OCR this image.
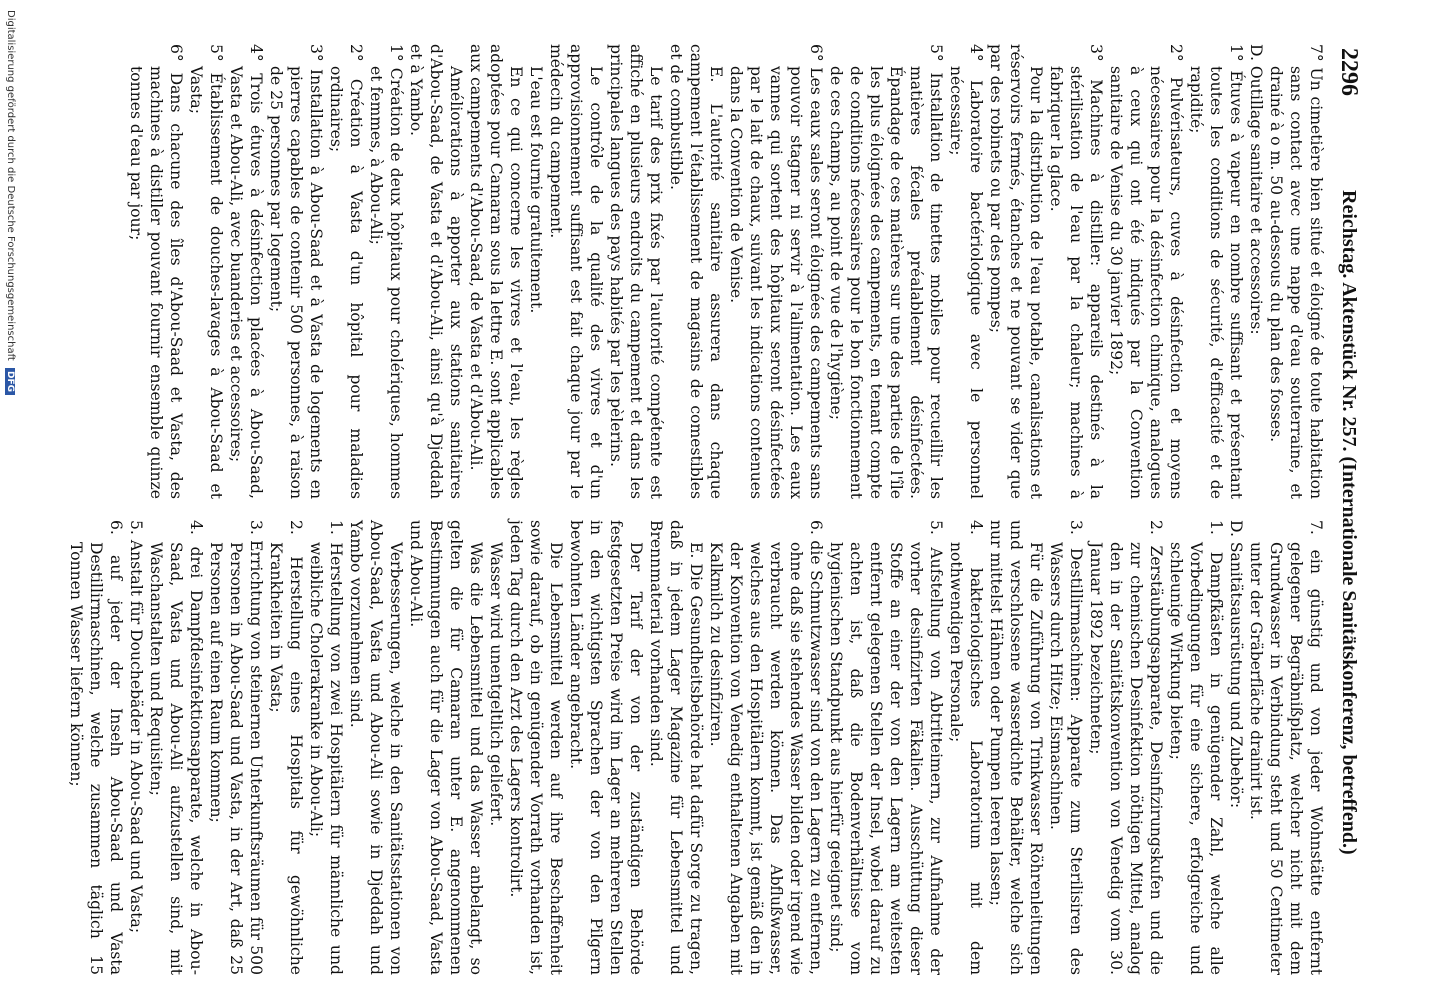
2296
Reichstag. Aktenstück Nr. 257. (Internationale Sanitätskonferenz, betreffend.)

7° Un cimetière bien situé et éloigné de toute habitation sans contact avec une nappe d'eau souterraine, et drainé à o m. 50 au-dessous du plan des fosses.

D. Outillage sanitaire et accessoires:

1° Étuves à vapeur en nombre suffisant et présentant toutes les conditions de sécurité, d'efficacité et de rapidité;

2° Pulvérisateurs, cuves à désinfection et moyens nécessaires pour la désinfection chimique, analogues à ceux qui ont été indiqués par la Convention sanitaire de Venise du 30 janvier 1892;

3° Machines à distiller: appareils destinés à la stérilisation de l'eau par la chaleur; machines à fabriquer la glace.

Pour la distribution de l'eau potable, canalisations et réservoirs fermés, étanches et ne pouvant se vider que par des robinets ou par des pompes;

4° Laboratoire bactériologique avec le personnel nécessaire;

5° Installation de tinettes mobiles pour recueillir les matières fécales préalablement désinfectées. Épandage de ces matières sur une des parties de l'île les plus éloignées des campements, en tenant compte de conditions nécessaires pour le bon fonctionnement de ces champs, au point de vue de l'hygiène;

6° Les eaux sales seront éloignées des campements sans pouvoir stagner ni servir à l'alimentation. Les eaux vannes qui sortent des hôpitaux seront désinfectées par le lait de chaux, suivant les indications contenues dans la Convention de Venise.

E. L'autorité sanitaire assurera dans chaque campement l'établissement de magasins de comestibles et de combustible.

Le tarif des prix fixés par l'autorité compétente est affiché en plusieurs endroits du campement et dans les principales langues des pays habités par les pèlerins.

Le contrôle de la qualité des vivres et d'un approvisionnement suffisant est fait chaque jour par le médecin du campement.

L'eau est fournie gratuitement.

En ce qui concerne les vivres et l'eau, les règles adoptées pour Camaran sous la lettre E. sont applicables aux campements d'Abou-Saad, de Vasta et d'Abou-Ali.

Améliorations à apporter aux stations sanitaires d'Abou-Saad, de Vasta et d'Abou-Ali, ainsi qu'à Djeddah et à Yambo.

1° Création de deux hôpitaux pour cholériques, hommes et femmes, à Abou-Ali;

2° Création à Vasta d'un hôpital pour maladies ordinaires;

3° Installation à Abou-Saad et à Vasta de logements en pierres capables de contenir 500 personnes, à raison de 25 personnes par logement;

4° Trois étuves à désinfection placées à Abou-Saad, Vasta et Abou-Ali, avec buanderies et accessoires;

5° Établissement de douches-lavages à Abou-Saad et Vasta;

6° Dans chacune des îles d'Abou-Saad et Vasta, des machines à distiller pouvant fournir ensemble quinze tonnes d'eau par jour;

7. ein günstig und von jeder Wohnstätte entfernt gelegener Begräbnißplatz, welcher nicht mit dem Grundwasser in Verbindung steht und 50 Centimeter unter der Gräberfläche drainirt ist.

D. Sanitätsausrüstung und Zubehör:

1. Dampfkästen in genügender Zahl, welche alle Vorbedingungen für eine sichere, erfolgreiche und schleunige Wirkung bieten;

2. Zerstäubungsapparate, Desinfizirungskufen und die zur chemischen Desinfektion nöthigen Mittel, analog den in der Sanitätskonvention von Venedig vom 30. Januar 1892 bezeichneten;

3. Destillirmaschinen: Apparate zum Sterilisiren des Wassers durch Hitze; Eismaschinen.

Für die Zuführung von Trinkwasser Röhrenleitungen und verschlossene wasserdichte Behälter, welche sich nur mittelst Hähnen oder Pumpen leeren lassen;

4. bakteriologisches Laboratorium mit dem nothwendigen Personale;

5. Aufstellung von Abtritteimern, zur Aufnahme der vorher desinfizirten Fäkalien. Ausschüttung dieser Stoffe an einer der von den Lagern am weitesten entfernt gelegenen Stellen der Insel, wobei darauf zu achten ist, daß die Bodenverhältnisse vom hygienischen Standpunkt aus hierfür geeignet sind;

6. die Schmutzwasser sind von den Lagern zu entfernen, ohne daß sie stehendes Wasser bilden oder irgend wie verbraucht werden können. Das Abflußwasser, welches aus den Hospitälern kommt, ist gemäß den in der Konvention von Venedig enthaltenen Angaben mit Kalkmilch zu desinfiziren.

E. Die Gesundheitsbehörde hat dafür Sorge zu tragen, daß in jedem Lager Magazine für Lebensmittel und Brennmaterial vorhanden sind.

Der Tarif der von der zuständigen Behörde festgesetzten Preise wird im Lager an mehreren Stellen in den wichtigsten Sprachen der von den Pilgern bewohnten Länder angebracht.

Die Lebensmittel werden auf ihre Beschaffenheit sowie darauf, ob ein genügender Vorrath vorhanden ist, jeden Tag durch den Arzt des Lagers kontrolirt.

Wasser wird unentgeltlich geliefert.

Was die Lebensmittel und das Wasser anbelangt, so gelten die für Camaran unter E. angenommenen Bestimmungen auch für die Lager von Abou-Saad, Vasta und Abou-Ali.

Verbesserungen, welche in den Sanitätsstationen von Abou-Saad, Vasta und Abou-Ali sowie in Djeddah und Yambo vorzunehmen sind.

1. Herstellung von zwei Hospitälern für männliche und weibliche Cholerakranke in Abou-Ali;

2. Herstellung eines Hospitals für gewöhnliche Krankheiten in Vasta;

3. Errichtung von steinernen Unterkunftsräumen für 500 Personen in Abou-Saad und Vasta, in der Art, daß 25 Personen auf einen Raum kommen;

4. drei Dampfdesinfektionsapparate, welche in Abou-Saad, Vasta und Abou-Ali aufzustellen sind, mit Waschanstalten und Requisiten;

5. Anstalt für Douchebäder in Abou-Saad und Vasta;

6. auf jeder der Inseln Abou-Saad und Vasta Destillirmaschinen, welche zusammen täglich 15 Tonnen Wasser liefern können;

Digitalisierung gefördert durch die Deutsche Forschungsgemeinschaft DFG
